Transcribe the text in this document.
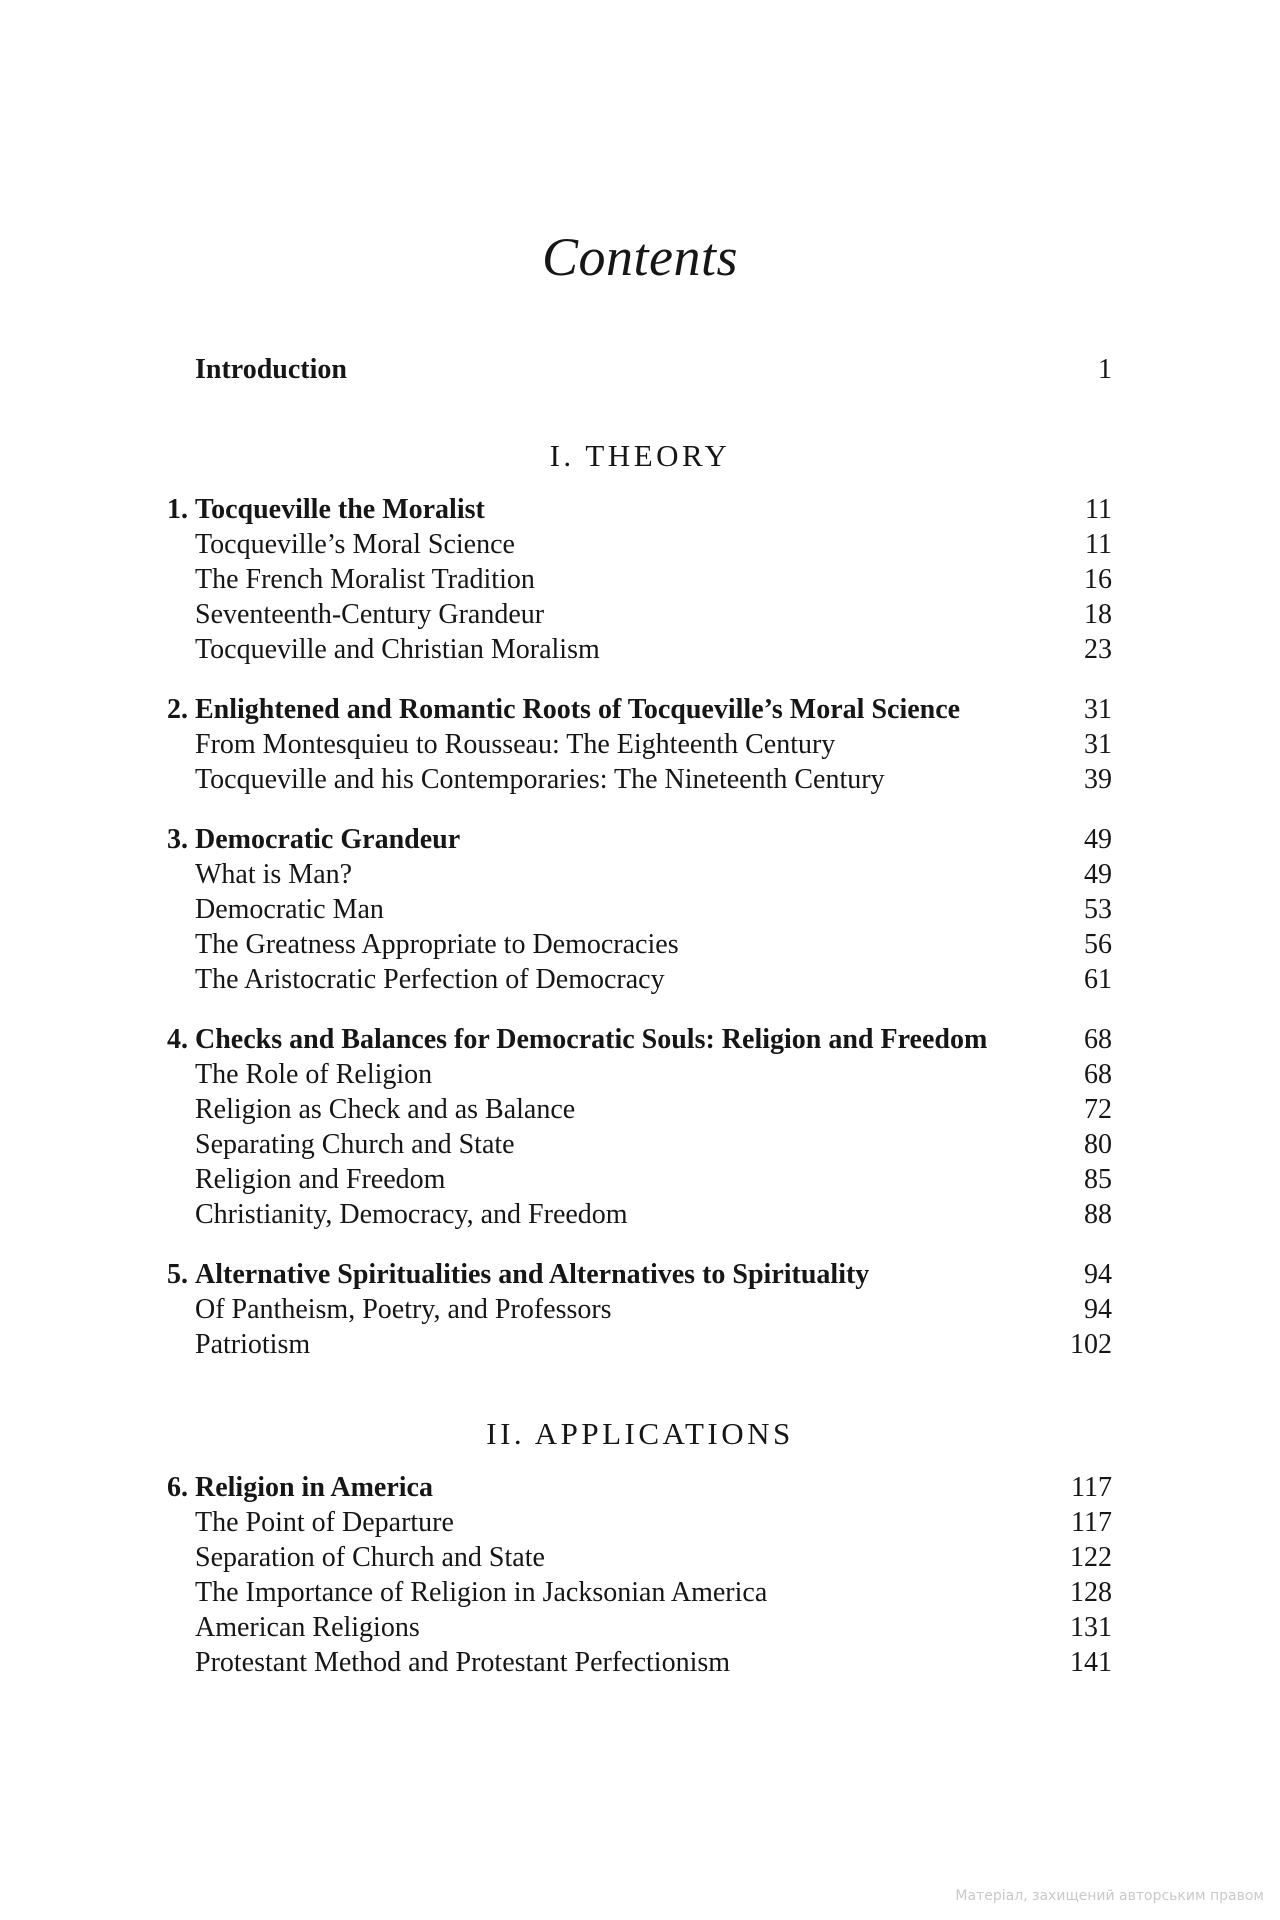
Contents
I. THEORY
II. APPLICATIONS
Introduction	1
1. Tocqueville the Moralist	11
Tocqueville’s Moral Science	11
The French Moralist Tradition	16
Seventeenth-Century Grandeur	18
Tocqueville and Christian Moralism	23
2. Enlightened and Romantic Roots of Tocqueville’s Moral Science	31
From Montesquieu to Rousseau: The Eighteenth Century	31
Tocqueville and his Contemporaries: The Nineteenth Century	39
3. Democratic Grandeur	49
What is Man?	49
Democratic Man	53
The Greatness Appropriate to Democracies	56
The Aristocratic Perfection of Democracy	61
4. Checks and Balances for Democratic Souls: Religion and Freedom	68
The Role of Religion	68
Religion as Check and as Balance	72
Separating Church and State	80
Religion and Freedom	85
Christianity, Democracy, and Freedom	88
5. Alternative Spiritualities and Alternatives to Spirituality	94
Of Pantheism, Poetry, and Professors	94
Patriotism	102
6. Religion in America	117
The Point of Departure	117
Separation of Church and State	122
The Importance of Religion in Jacksonian America	128
American Religions	131
Protestant Method and Protestant Perfectionism	141
Матеріал, захищений авторським правом
